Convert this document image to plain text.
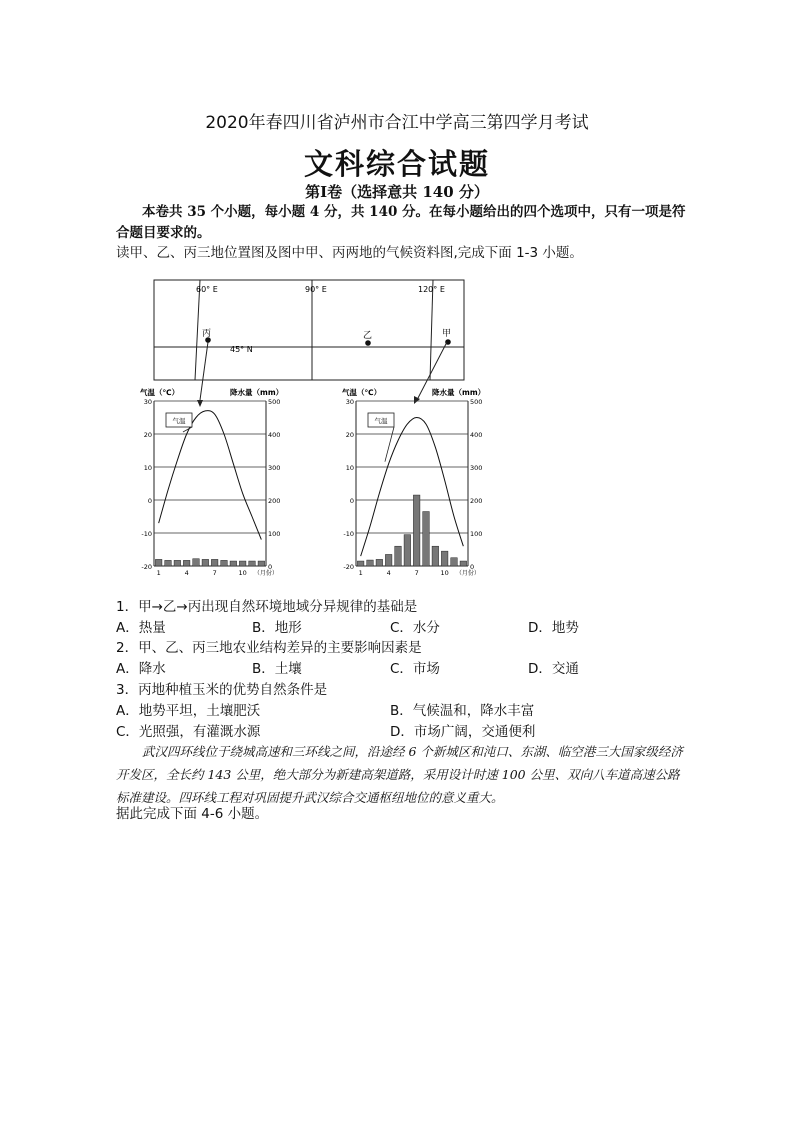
2020年春四川省泸州市合江中学高三第四学月考试
文科综合试题
第Ⅰ卷（选择意共 140 分）
本卷共 35 个小题，每小题 4 分，共 140 分。在每小题给出的四个选项中，只有一项是符合题目要求的。
读甲、乙、丙三地位置图及图中甲、丙两地的气候资料图,完成下面 1-3 小题。
60° E	90° E	120° E
45° N
丙	乙	甲
气温（℃）	降水量（mm）
30
20
10
0
-10
-20
500
400
300
200
100
0
1	4	7	10 （月份）
气温
气温（℃）	降水量（mm）
30
20
10
0
-10
-20
500
400
300
200
100
0
1	4	7	10 （月份）
气温
1．甲→乙→丙出现自然环境地域分异规律的基础是
A．热量	B．地形	C．水分	D．地势
2．甲、乙、丙三地农业结构差异的主要影响因素是
A．降水	B．土壤	C．市场	D．交通
3．丙地种植玉米的优势自然条件是
A．地势平坦，土壤肥沃	B．气候温和，降水丰富
C．光照强，有灌溉水源	D．市场广阔，交通便利
武汉四环线位于绕城高速和三环线之间，沿途经 6 个新城区和沌口、东湖、临空港三大国家级经济开发区，全长约 143 公里，绝大部分为新建高架道路，采用设计时速 100 公里、双向八车道高速公路标准建设。四环线工程对巩固提升武汉综合交通枢纽地位的意义重大。
据此完成下面 4-6 小题。
